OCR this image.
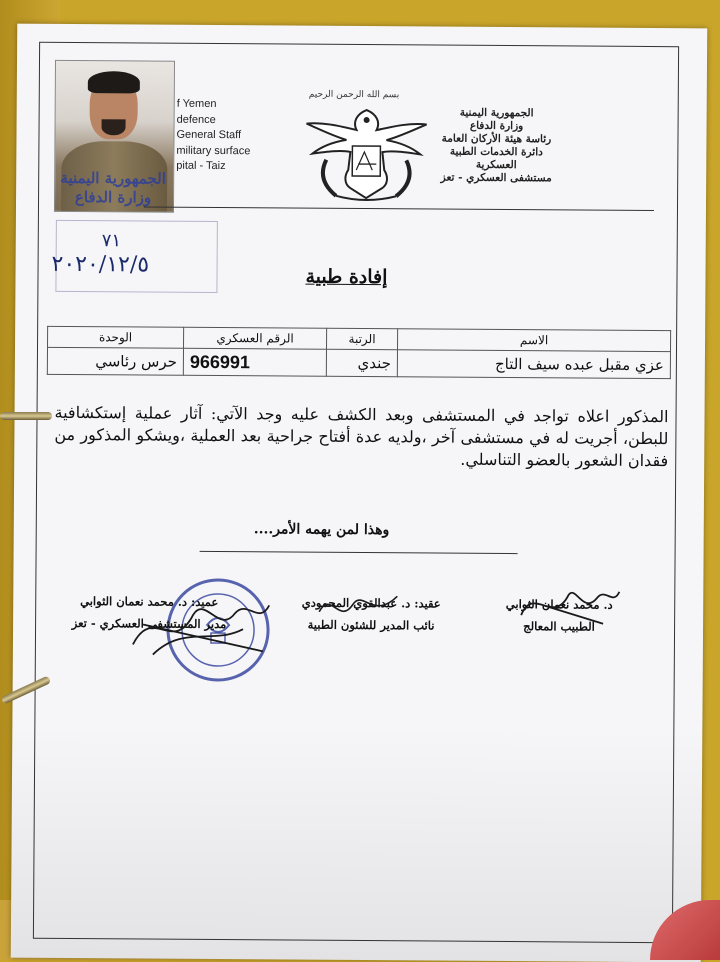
الجمهورية اليمنية
وزارة الدفاع
f Yemen
defence
General Staff
military surface
pital - Taiz
بسم الله الرحمن الرحيم
الجمهورية اليمنية
وزارة الدفاع
رئاسة هيئة الأركان العامة
دائرة الخدمات الطبية العسكرية
مستشفى العسكري - تعز
٧١
٢٠٢٠/١٢/٥	إفادة طبية
الاسم	الرتبة	الرقم العسكري	الوحدة
عزي مقبل عبده سيف التاج	جندي	966991	حرس رئاسي
المذكور اعلاه تواجد في المستشفى وبعد الكشف عليه وجد الآتي: آثار عملية إستكشافية للبطن، أجريت له في مستشفى آخر ،ولديه عدة أفتاح جراحية بعد العملية ،ويشكو المذكور من فقدان الشعور بالعضو التناسلي.
وهذا لمن يهمه الأمر....
د. محمد نعمان الثوابي
الطبيب المعالج
عقيد: د. عبدالقوي المحمودي
نائب المدير للشئون الطبية
عميد: د. محمد نعمان الثوابي
مدير المستشفى العسكري - تعز
